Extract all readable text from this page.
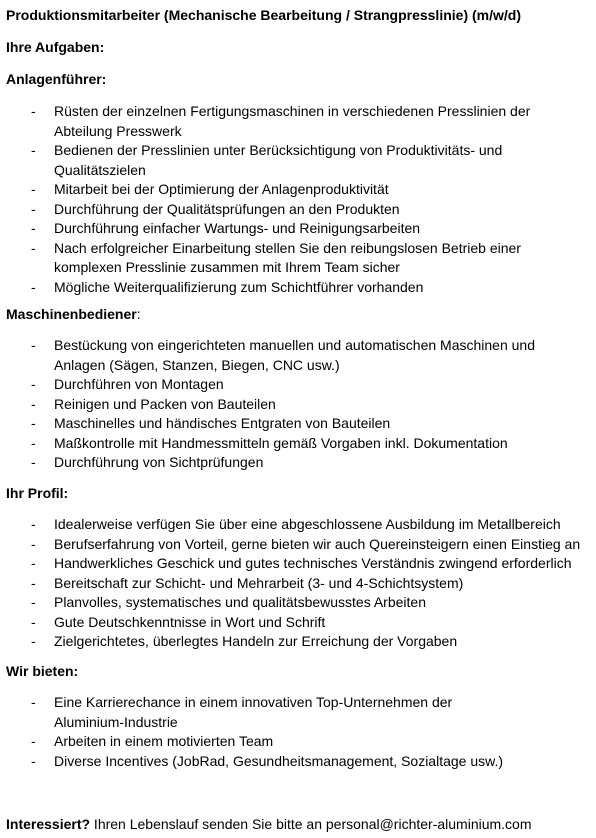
Produktionsmitarbeiter (Mechanische Bearbeitung / Strangpresslinie) (m/w/d)
Ihre Aufgaben:
Anlagenführer:
- Rüsten der einzelnen Fertigungsmaschinen in verschiedenen Presslinien der
Abteilung Presswerk
- Bedienen der Presslinien unter Berücksichtigung von Produktivitäts- und
Qualitätszielen
- Mitarbeit bei der Optimierung der Anlagenproduktivität
- Durchführung der Qualitätsprüfungen an den Produkten
- Durchführung einfacher Wartungs- und Reinigungsarbeiten
- Nach erfolgreicher Einarbeitung stellen Sie den reibungslosen Betrieb einer
komplexen Presslinie zusammen mit Ihrem Team sicher
- Mögliche Weiterqualifizierung zum Schichtführer vorhanden
Maschinenbediener:
- Bestückung von eingerichteten manuellen und automatischen Maschinen und
Anlagen (Sägen, Stanzen, Biegen, CNC usw.)
- Durchführen von Montagen
- Reinigen und Packen von Bauteilen
- Maschinelles und händisches Entgraten von Bauteilen
- Maßkontrolle mit Handmessmitteln gemäß Vorgaben inkl. Dokumentation
- Durchführung von Sichtprüfungen
Ihr Profil:
- Idealerweise verfügen Sie über eine abgeschlossene Ausbildung im Metallbereich
- Berufserfahrung von Vorteil, gerne bieten wir auch Quereinsteigern einen Einstieg an
- Handwerkliches Geschick und gutes technisches Verständnis zwingend erforderlich
- Bereitschaft zur Schicht- und Mehrarbeit (3- und 4-Schichtsystem)
- Planvolles, systematisches und qualitätsbewusstes Arbeiten
- Gute Deutschkenntnisse in Wort und Schrift
- Zielgerichtetes, überlegtes Handeln zur Erreichung der Vorgaben
Wir bieten:
- Eine Karrierechance in einem innovativen Top-Unternehmen der
Aluminium-Industrie
- Arbeiten in einem motivierten Team
- Diverse Incentives (JobRad, Gesundheitsmanagement, Sozialtage usw.)
Interessiert? Ihren Lebenslauf senden Sie bitte an personal@richter-aluminium.com
